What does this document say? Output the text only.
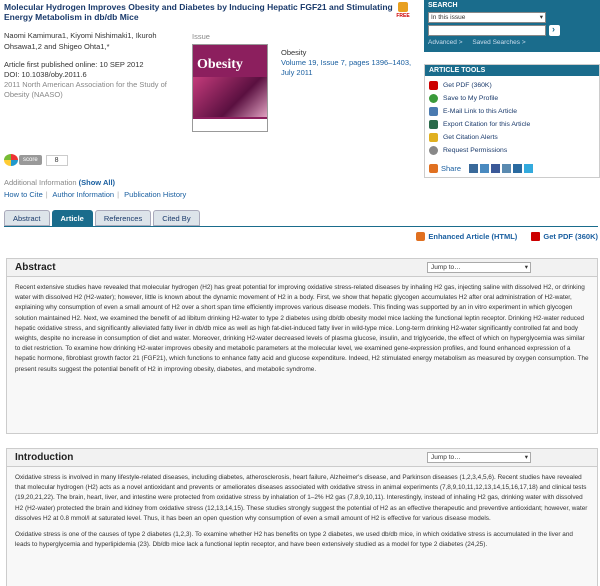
Molecular Hydrogen Improves Obesity and Diabetes by Inducing Hepatic FGF21 and Stimulating Energy Metabolism in db/db Mice	FREE
Naomi Kamimura1, Kiyomi Nishimaki1, Ikuroh Ohsawa1,2 and Shigeo Ohta1,*
Article first published online: 10 SEP 2012
DOI: 10.1038/oby.2011.6
2011 North American Association for the Study of Obesity (NAASO)
Issue
Obesity
Obesity
Volume 19, Issue 7, pages 1396–1403, July 2011
score	8
Additional Information (Show All)
How to Cite | Author Information | Publication History
Abstract	Article	References	Cited By
Enhanced Article (HTML)
	Get PDF (360K)
Abstract	Jump to… ▾
Recent extensive studies have revealed that molecular hydrogen (H2) has great potential for improving oxidative stress-related diseases by inhaling H2 gas, injecting saline with dissolved H2, or drinking water with dissolved H2 (H2-water); however, little is known about the dynamic movement of H2 in a body. First, we show that hepatic glycogen accumulates H2 after oral administration of H2-water, explaining why consumption of even a small amount of H2 over a short span time efficiently improves various disease models. This finding was supported by an in vitro experiment in which glycogen solution maintained H2. Next, we examined the benefit of ad libitum drinking H2-water to type 2 diabetes using db/db obesity model mice lacking the functional leptin receptor. Drinking H2-water reduced hepatic oxidative stress, and significantly alleviated fatty liver in db/db mice as well as high fat-diet-induced fatty liver in wild-type mice. Long-term drinking H2-water significantly controlled fat and body weights, despite no increase in consumption of diet and water. Moreover, drinking H2-water decreased levels of plasma glucose, insulin, and triglyceride, the effect of which on hyperglycemia was similar to diet restriction. To examine how drinking H2-water improves obesity and metabolic parameters at the molecular level, we examined gene-expression profiles, and found enhanced expression of a hepatic hormone, fibroblast growth factor 21 (FGF21), which functions to enhance fatty acid and glucose expenditure. Indeed, H2 stimulated energy metabolism as measured by oxygen consumption. The present results suggest the potential benefit of H2 in improving obesity, diabetes, and metabolic syndrome.
Introduction	Jump to… ▾

Oxidative stress is involved in many lifestyle-related diseases, including diabetes, atherosclerosis, heart failure, Alzheimer's disease, and Parkinson diseases (1,2,3,4,5,6). Recent studies have revealed that molecular hydrogen (H2) acts as a novel antioxidant and prevents or ameliorates diseases associated with oxidative stress in animal experiments (7,8,9,10,11,12,13,14,15,16,17,18) and clinical tests (19,20,21,22). The brain, heart, liver, and intestine were protected from oxidative stress by inhalation of 1–2% H2 gas (7,8,9,10,11). Interestingly, instead of inhaling H2 gas, drinking water with dissolved H2 (H2-water) protected the brain and kidney from oxidative stress (12,13,14,15). These studies strongly suggest the potential of H2 as an effective therapeutic and preventive antioxidant; however, water dissolves H2 at 0.8 mmol/l at saturated level. Thus, it has been an open question why consumption of even a small amount of H2 is effective for various disease models.

Oxidative stress is one of the causes of type 2 diabetes (1,2,3). To examine whether H2 has benefits on type 2 diabetes, we used db/db mice, in which oxidative stress is accumulated in the liver and leads to hyperglycemia and hyperlipidemia (23). Db/db mice lack a functional leptin receptor, and have been extensively studied as a model for type 2 diabetes (24,25).

SEARCH
In this issue ▾
›
Advanced > Saved Searches >
ARTICLE TOOLS
Get PDF (360K)
Save to My Profile
E-Mail Link to this Article
Export Citation for this Article
Get Citation Alerts
Request Permissions
Share
